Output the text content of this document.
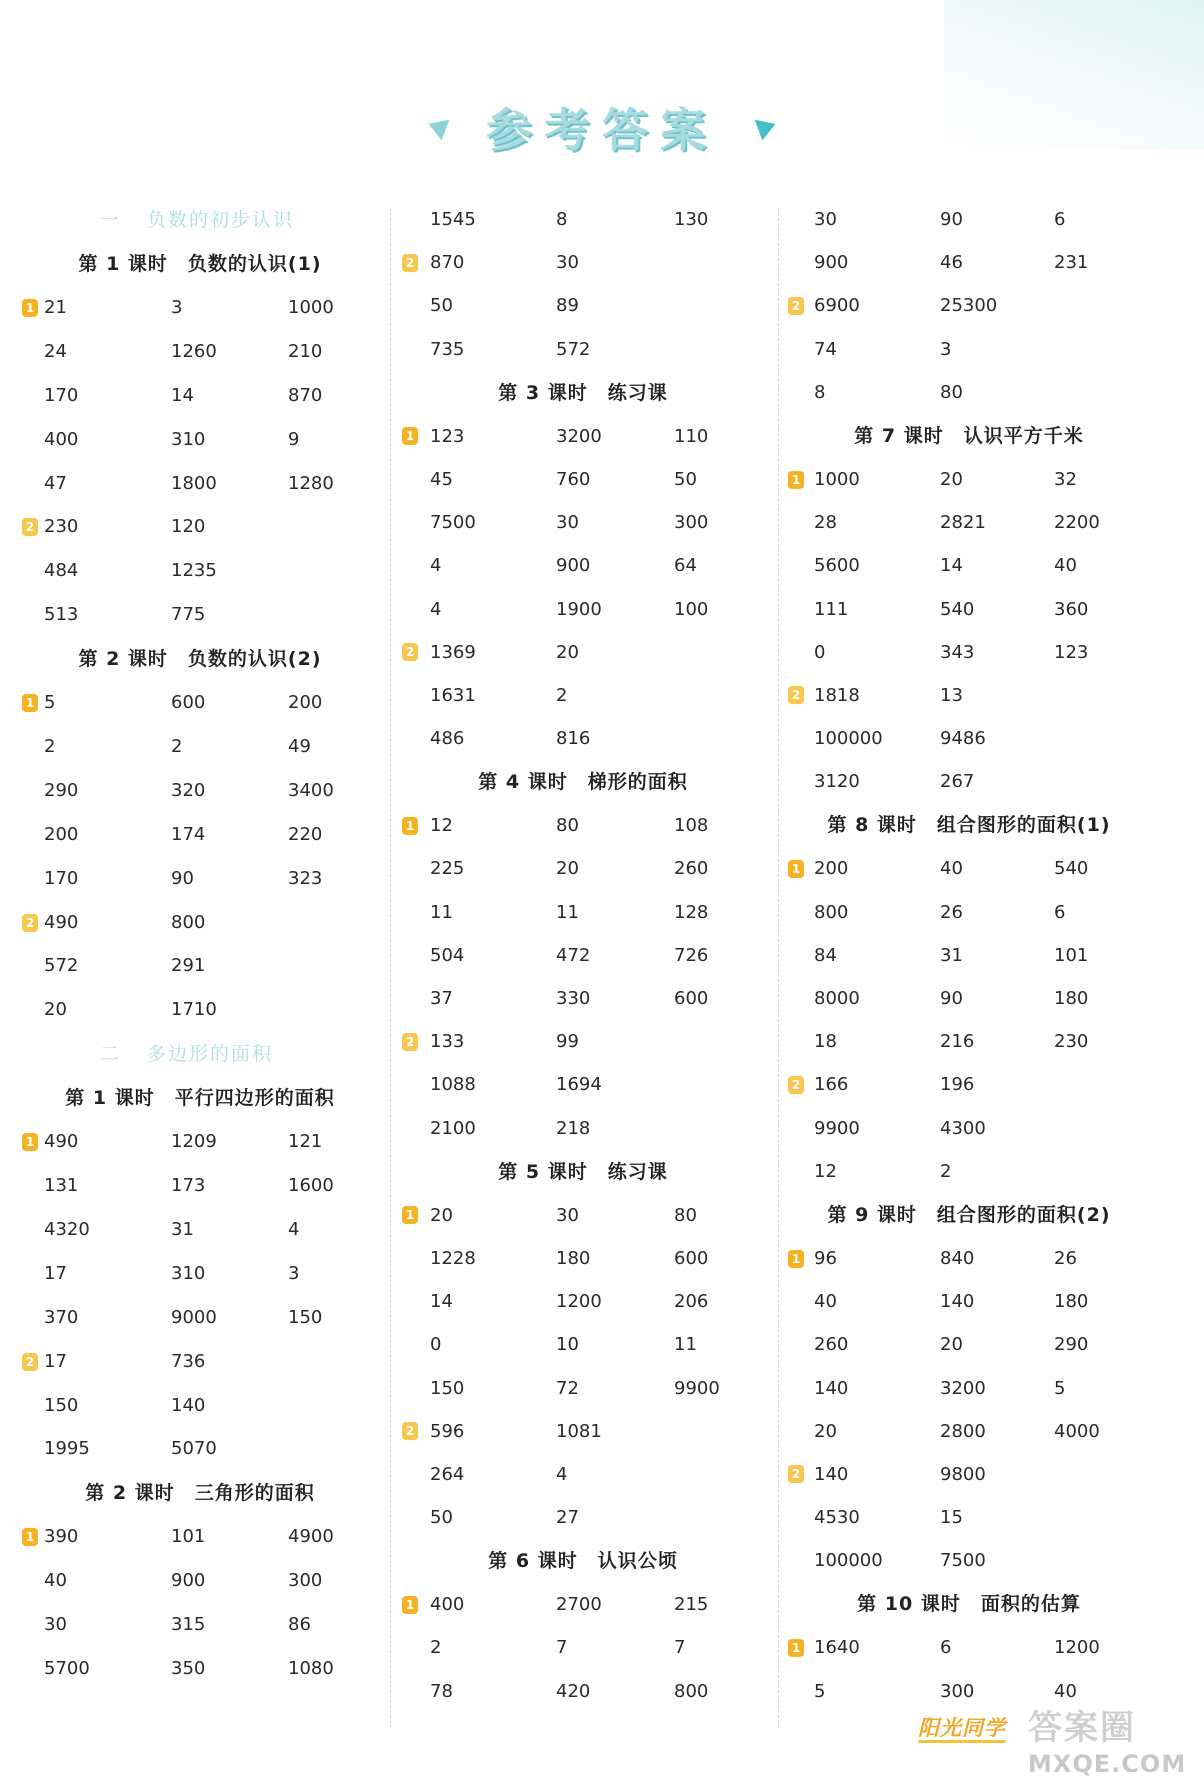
参考答案
一 负数的初步认识
第 1 课时　负数的认识(1)
1 21	3	1000
24	1260	210
170	14	870
400	310	9
47	1800	1280
2 230	120
484	1235
513	775
第 2 课时　负数的认识(2)
1 5	600	200
2	2	49
290	320	3400
200	174	220
170	90	323
2 490	800
572	291
20	1710
二 多边形的面积
第 1 课时　平行四边形的面积
1 490	1209	121
131	173	1600
4320	31	4
17	310	3
370	9000	150
2 17	736
150	140
1995	5070
第 2 课时　三角形的面积
1 390	101	4900
40	900	300
30	315	86
5700	350	1080
1545	8	130
2 870	30
50	89
735	572
第 3 课时　练习课
1 123	3200	110
45	760	50
7500	30	300
4	900	64
4	1900	100
2 1369	20
1631	2
486	816
第 4 课时　梯形的面积
1 12	80	108
225	20	260
11	11	128
504	472	726
37	330	600
2 133	99
1088	1694
2100	218
第 5 课时　练习课
1 20	30	80
1228	180	600
14	1200	206
0	10	11
150	72	9900
2 596	1081
264	4
50	27
第 6 课时　认识公顷
1 400	2700	215
2	7	7
78	420	800
30	90	6
900	46	231
2 6900	25300
74	3
8	80
第 7 课时　认识平方千米
1 1000	20	32
28	2821	2200
5600	14	40
111	540	360
0	343	123
2 1818	13
100000	9486
3120	267
第 8 课时　组合图形的面积(1)
1 200	40	540
800	26	6
84	31	101
8000	90	180
18	216	230
2 166	196
9900	4300
12	2
第 9 课时　组合图形的面积(2)
1 96	840	26
40	140	180
260	20	290
140	3200	5
20	2800	4000
2 140	9800
4530	15
100000	7500
第 10 课时　面积的估算
1 1640	6	1200
5	300	40
阳光同学 答案圈
MXQE.COM
